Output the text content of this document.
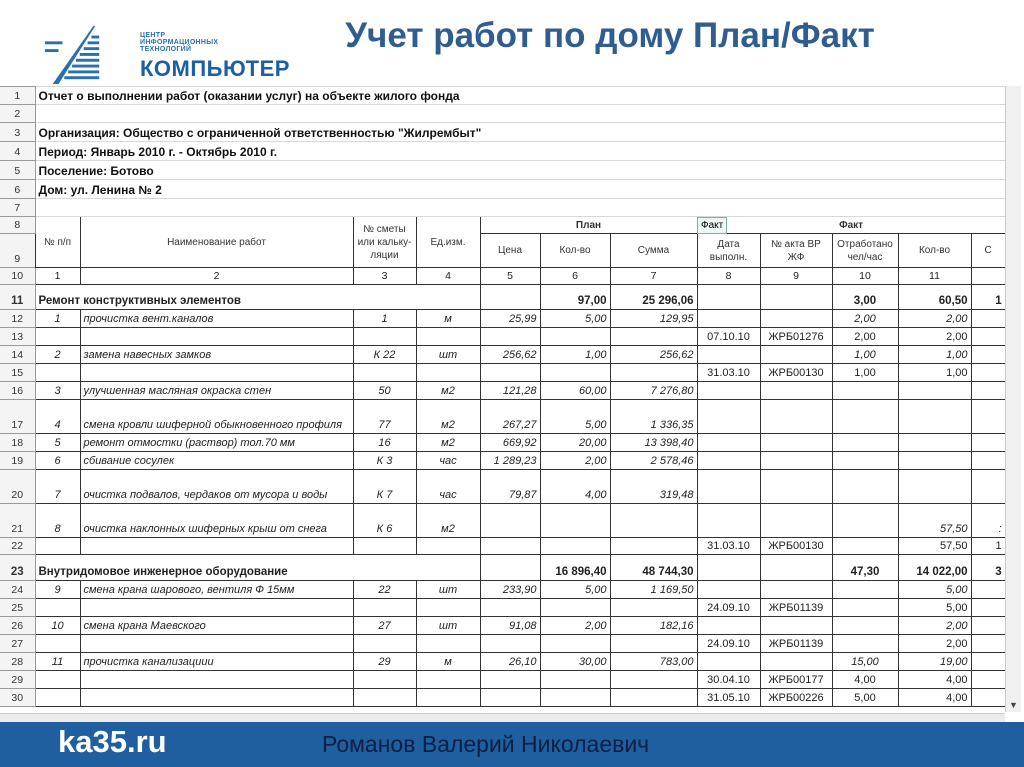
ЦЕНТР
ИНФОРМАЦИОННЫХ
ТЕХНОЛОГИЙ
КОМПЬЮТЕР
Учет работ по дому План/Факт
1	Отчет о выполнении работ (оказании услуг) на объекте жилого фонда											
2												
3	Организация: Общество с ограниченной ответственностью "Жилрембыт"											
4	Период: Январь 2010 г. - Октябрь 2010 г.											
5	Поселение: Ботово											
6	Дом: ул. Ленина № 2											
7												
8	№ п/п	Наименование работ	№ сметы или кальку-ляции	Ед.изм.	План			Факт				
9					Цена	Кол-во	Сумма	Дата выполн.	№ акта ВР ЖФ	Отработано чел/час	Кол-во	С
10	1	2	3	4	5	6	7	8	9	10	11	
11	Ремонт конструктивных элементов					97,00	25 296,06			3,00	60,50	1
12	1	прочистка вент.каналов	1	м	25,99	5,00	129,95			2,00	2,00	
13								07.10.10	ЖРБ01276	2,00	2,00	
14	2	замена навесных замков	К 22	шт	256,62	1,00	256,62			1,00	1,00	
15								31.03.10	ЖРБ00130	1,00	1,00	
16	3	улучшенная масляная окраска стен	50	м2	121,28	60,00	7 276,80					
17	4	смена кровли шиферной обыкновенного профиля	77	м2	267,27	5,00	1 336,35					
18	5	ремонт отмостки (раствор) тол.70 мм	16	м2	669,92	20,00	13 398,40					
19	6	сбивание сосулек	К 3	час	1 289,23	2,00	2 578,46					
20	7	очистка подвалов, чердаков от мусора и воды	К 7	час	79,87	4,00	319,48					
21	8	очистка наклонных шиферных крыш от снега	К 6	м2							57,50	:
22								31.03.10	ЖРБ00130		57,50	1
23	Внутридомовое инженерное оборудование					16 896,40	48 744,30			47,30	14 022,00	3
24	9	смена крана шарового, вентиля Ф 15мм	22	шт	233,90	5,00	1 169,50				5,00	
25								24.09.10	ЖРБ01139		5,00	
26	10	смена крана Маевского	27	шт	91,08	2,00	182,16				2,00	
27								24.09.10	ЖРБ01139		2,00	
28	11	прочистка канализациии	29	м	26,10	30,00	783,00			15,00	19,00	
29								30.04.10	ЖРБ00177	4,00	4,00	
30								31.05.10	ЖРБ00226	5,00	4,00	
Факт
▼
ka35.ru	Романов Валерий Николаевич
